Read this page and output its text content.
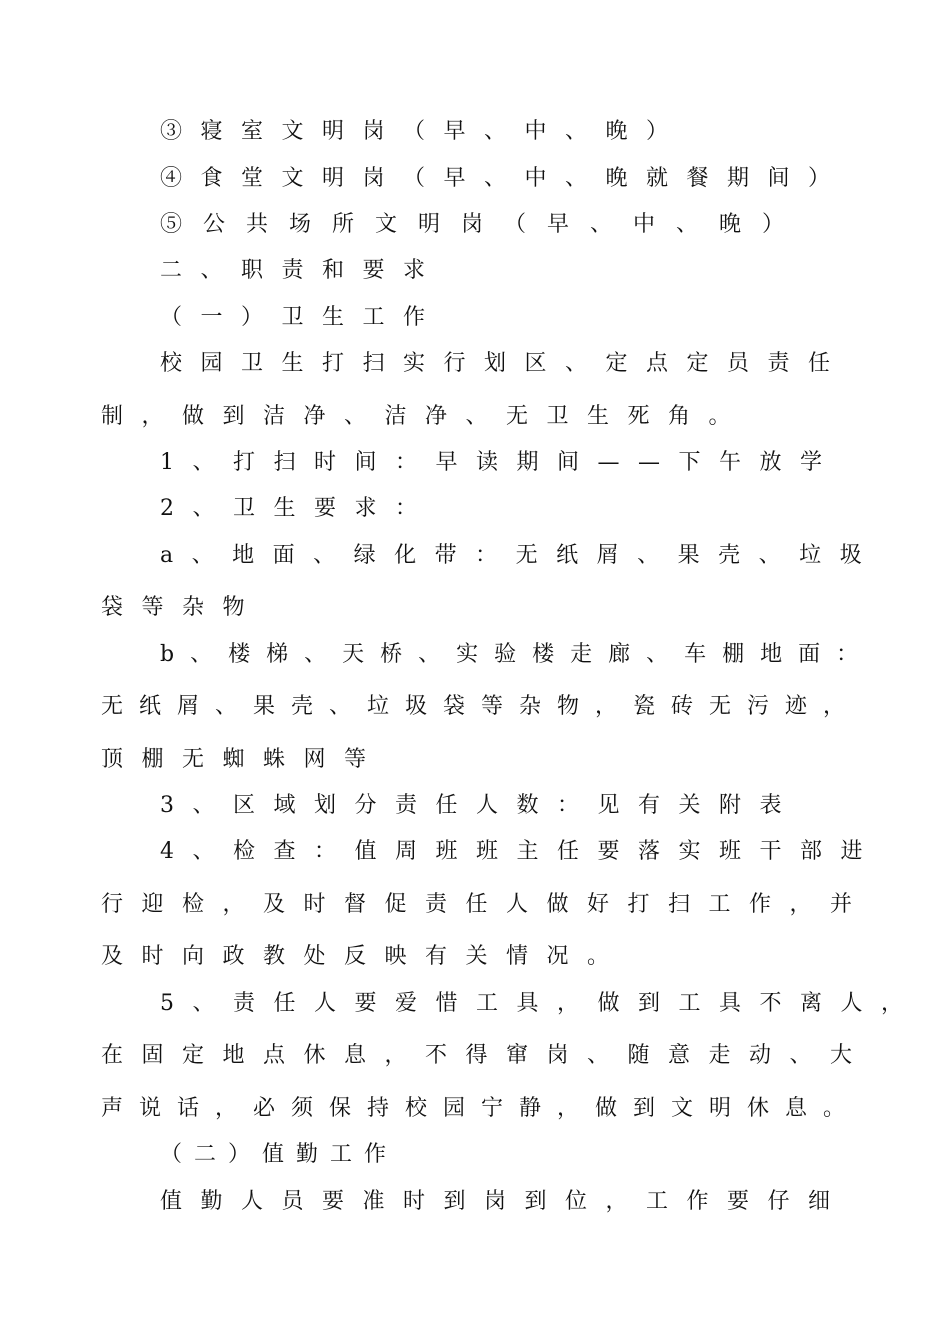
③寝室文明岗（早、中、晚）
④食堂文明岗（早、中、晚就餐期间）
⑤公共场所文明岗（早、中、晚）
二、职责和要求
（一）卫生工作
校园卫生打扫实行划区、定点定员责任
制，做到洁净、洁净、无卫生死角。
1、打扫时间：早读期间——下午放学
2、卫生要求：
a、地面、绿化带：无纸屑、果壳、垃圾
袋等杂物
b、楼梯、天桥、实验楼走廊、车棚地面：
无纸屑、果壳、垃圾袋等杂物，瓷砖无污迹，
顶棚无蜘蛛网等
3、区域划分责任人数：见有关附表
4、检查：值周班班主任要落实班干部进
行迎检，及时督促责任人做好打扫工作，并
及时向政教处反映有关情况。
5、责任人要爱惜工具，做到工具不离人，
在固定地点休息，不得窜岗、随意走动、大
声说话，必须保持校园宁静，做到文明休息。
（二）值勤工作
值勤人员要准时到岗到位，工作要仔细
